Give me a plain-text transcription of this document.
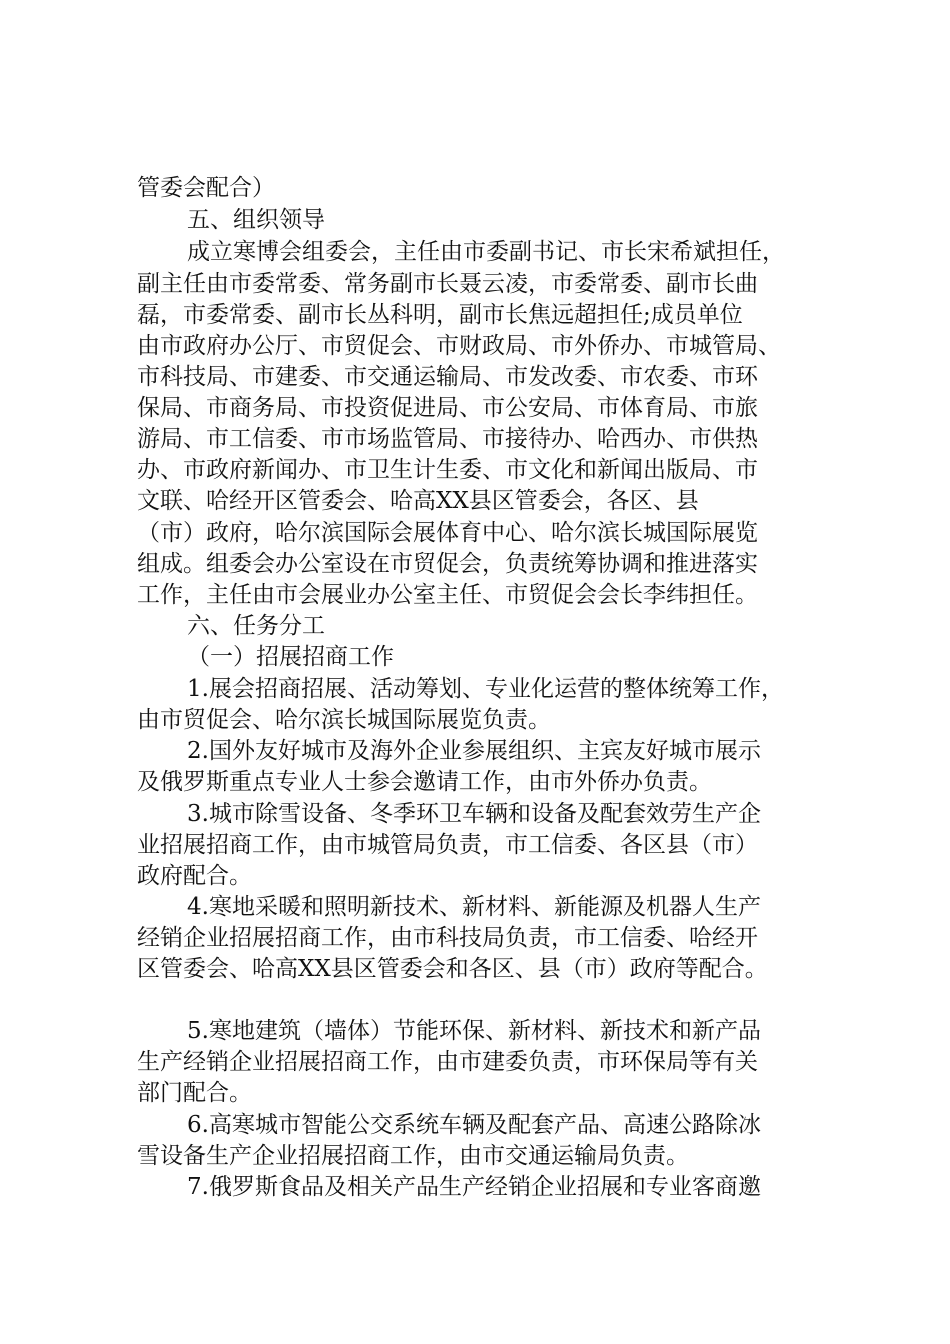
管委会配合）
五、组织领导
成立寒博会组委会，主任由市委副书记、市长宋希斌担任，
副主任由市委常委、常务副市长聂云凌，市委常委、副市长曲
磊，市委常委、副市长丛科明，副市长焦远超担任;成员单位
由市政府办公厅、市贸促会、市财政局、市外侨办、市城管局、
市科技局、市建委、市交通运输局、市发改委、市农委、市环
保局、市商务局、市投资促进局、市公安局、市体育局、市旅
游局、市工信委、市市场监管局、市接待办、哈西办、市供热
办、市政府新闻办、市卫生计生委、市文化和新闻出版局、市
文联、哈经开区管委会、哈高XX县区管委会，各区、县
（市）政府，哈尔滨国际会展体育中心、哈尔滨长城国际展览
组成。组委会办公室设在市贸促会，负责统筹协调和推进落实
工作，主任由市会展业办公室主任、市贸促会会长李纬担任。
六、任务分工
（一）招展招商工作
1.展会招商招展、活动筹划、专业化运营的整体统筹工作，
由市贸促会、哈尔滨长城国际展览负责。
2.国外友好城市及海外企业参展组织、主宾友好城市展示
及俄罗斯重点专业人士参会邀请工作，由市外侨办负责。
3.城市除雪设备、冬季环卫车辆和设备及配套效劳生产企
业招展招商工作，由市城管局负责，市工信委、各区县（市）
政府配合。
4.寒地采暖和照明新技术、新材料、新能源及机器人生产
经销企业招展招商工作，由市科技局负责，市工信委、哈经开
区管委会、哈高XX县区管委会和各区、县（市）政府等配合。
5.寒地建筑（墙体）节能环保、新材料、新技术和新产品
生产经销企业招展招商工作，由市建委负责，市环保局等有关
部门配合。
6.高寒城市智能公交系统车辆及配套产品、高速公路除冰
雪设备生产企业招展招商工作，由市交通运输局负责。
7.俄罗斯食品及相关产品生产经销企业招展和专业客商邀
